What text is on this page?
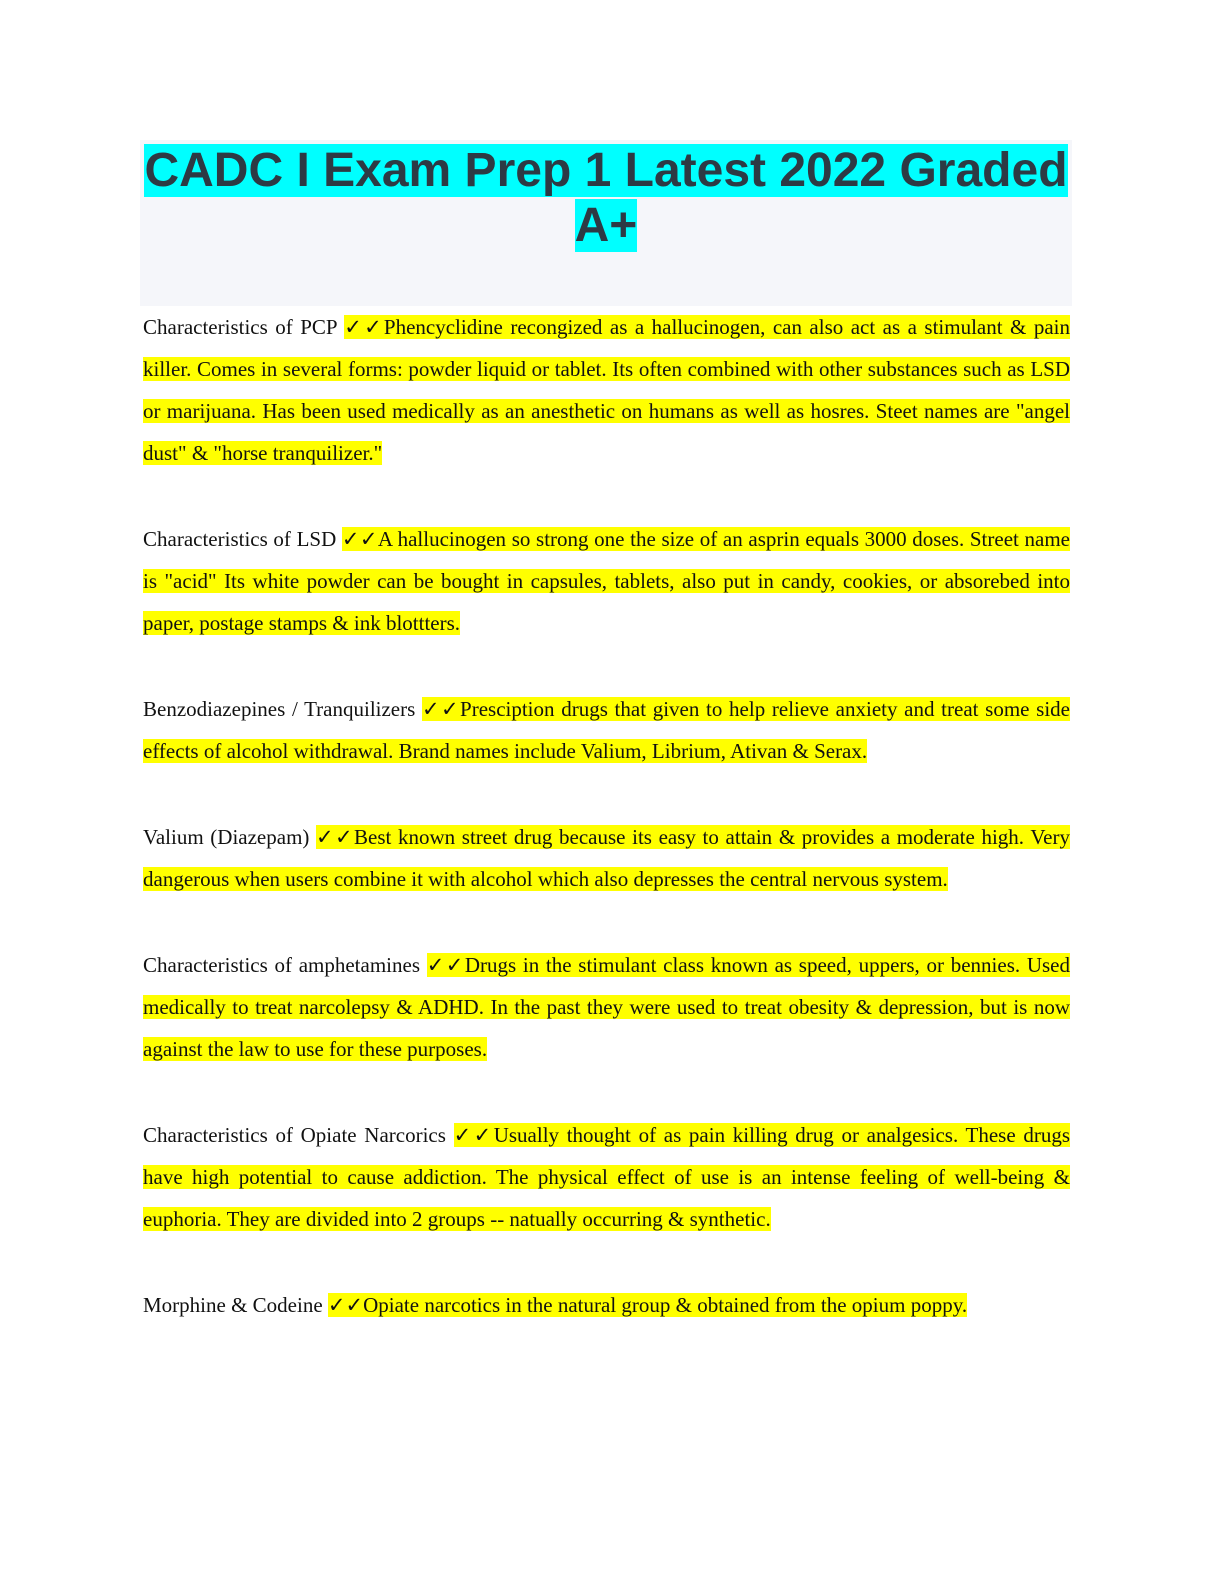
CADC I Exam Prep 1 Latest 2022 Graded A+

Characteristics of PCP ✓✓Phencyclidine recongized as a hallucinogen, can also act as a stimulant & pain killer. Comes in several forms: powder liquid or tablet. Its often combined with other substances such as LSD or marijuana. Has been used medically as an anesthetic on humans as well as hosres. Steet names are "angel dust" & "horse tranquilizer."

Characteristics of LSD ✓✓A hallucinogen so strong one the size of an asprin equals 3000 doses. Street name is "acid" Its white powder can be bought in capsules, tablets, also put in candy, cookies, or absorebed into paper, postage stamps & ink blottters.

Benzodiazepines / Tranquilizers ✓✓Presciption drugs that given to help relieve anxiety and treat some side effects of alcohol withdrawal. Brand names include Valium, Librium, Ativan & Serax.

Valium (Diazepam) ✓✓Best known street drug because its easy to attain & provides a moderate high. Very dangerous when users combine it with alcohol which also depresses the central nervous system.

Characteristics of amphetamines ✓✓Drugs in the stimulant class known as speed, uppers, or bennies. Used medically to treat narcolepsy & ADHD. In the past they were used to treat obesity & depression, but is now against the law to use for these purposes.

Characteristics of Opiate Narcorics ✓✓Usually thought of as pain killing drug or analgesics. These drugs have high potential to cause addiction. The physical effect of use is an intense feeling of well-being & euphoria. They are divided into 2 groups -- natually occurring & synthetic.

Morphine & Codeine ✓✓Opiate narcotics in the natural group & obtained from the opium poppy.
